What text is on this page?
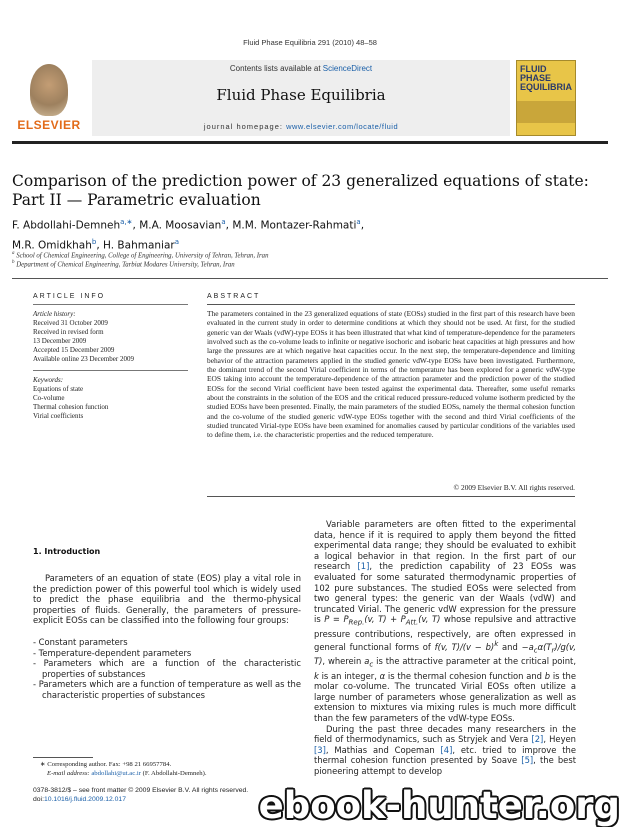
Fluid Phase Equilibria 291 (2010) 48–58
ELSEVIER
Contents lists available at ScienceDirect
Fluid Phase Equilibria
journal homepage: www.elsevier.com/locate/fluid
FLUID PHASE
EQUILIBRIA
Comparison of the prediction power of 23 generalized equations of state:
Part II — Parametric evaluation
F. Abdollahi-Demneh$^{a,∗}$, M.A. Moosavian$^a$, M.M. Montazer-Rahmati$^a$,
M.R. Omidkhah$^b$, H. Bahmaniar$^a$
$^a$ School of Chemical Engineering, College of Engineering, University of Tehran, Tehran, Iran
$^b$ Department of Chemical Engineering, Tarbiat Modares University, Tehran, Iran
ARTICLE INFO
Article history:
Received 31 October 2009
Received in revised form
13 December 2009
Accepted 15 December 2009
Available online 23 December 2009
Keywords:
Equations of state
Co-volume
Thermal cohesion function
Virial coefficients
ABSTRACT
The parameters contained in the 23 generalized equations of state (EOSs) studied in the first part of this research have been evaluated in the current study in order to determine conditions at which they should not be used. At first, for the studied generic van der Waals (vdW)-type EOSs it has been illustrated that what kind of temperature-dependence for the parameters involved such as the co-volume leads to infinite or negative isochoric and isobaric heat capacities at high pressures and how large the pressures are at which negative heat capacities occur. In the next step, the temperature-dependence and limiting behavior of the attraction parameters applied in the studied generic vdW-type EOSs have been investigated. Furthermore, the dominant trend of the second Virial coefficient in terms of the temperature has been explored for a generic vdW-type EOS taking into account the temperature-dependence of the attraction parameter and the prediction power of the studied EOSs for the second Virial coefficient have been tested against the experimental data. Thereafter, some useful remarks about the constraints in the solution of the EOS and the critical reduced pressure-reduced volume isotherm predicted by the studied EOSs have been presented. Finally, the main parameters of the studied EOSs, namely the thermal cohesion function and the co-volume of the studied generic vdW-type EOSs together with the second and third Virial coefficients of the studied truncated Virial-type EOSs have been examined for anomalies caused by particular conditions of the variables used to define them, i.e. the characteristic properties and the reduced temperature.
© 2009 Elsevier B.V. All rights reserved.
1. Introduction

Parameters of an equation of state (EOS) play a vital role in the prediction power of this powerful tool which is widely used to predict the phase equilibria and the thermo-physical properties of fluids. Generally, the parameters of pressure-explicit EOSs can be classified into the following four groups:

- Constant parameters
- Temperature-dependent parameters
- Parameters which are a function of the characteristic properties of substances
- Parameters which are a function of temperature as well as the characteristic properties of substances

Variable parameters are often fitted to the experimental data, hence if it is required to apply them beyond the fitted experimental data range; they should be evaluated to exhibit a logical behavior in that region. In the first part of our research [1], the prediction capability of 23 EOSs was evaluated for some saturated thermodynamic properties of 102 pure substances. The studied EOSs were selected from two general types: the generic van der Waals (vdW) and truncated Virial. The generic vdW expression for the pressure is $P = P_{Rep.}(v$, $T) + P_{Att.}(v$, T) whose repulsive and attractive pressure contributions, respectively, are often expressed in general functional forms of f(v, $T)/(v - b)^k$ and $-a_c\alpha(T_r)/g(v$, T), wherein $a_c$ is the attractive parameter at the critical point, k is an integer, α is the thermal cohesion function and b is the molar co-volume. The truncated Virial EOSs often utilize a large number of parameters whose generalization as well as extension to mixtures via mixing rules is much more difficult than the few parameters of the vdW-type EOSs.

During the past three decades many researchers in the field of thermodynamics, such as Stryjek and Vera [2], Heyen [3], Mathias and Copeman [4], etc. tried to improve the thermal cohesion function presented by Soave [5], the best pioneering attempt to develop

∗ Corresponding author. Fax: +98 21 66957784.
E-mail address: abdollahi@ut.ac.ir (F. Abdollahi-Demneh).
0378-3812/$ – see front matter © 2009 Elsevier B.V. All rights reserved.
doi:10.1016/j.fluid.2009.12.017	ebook-hunter.org
